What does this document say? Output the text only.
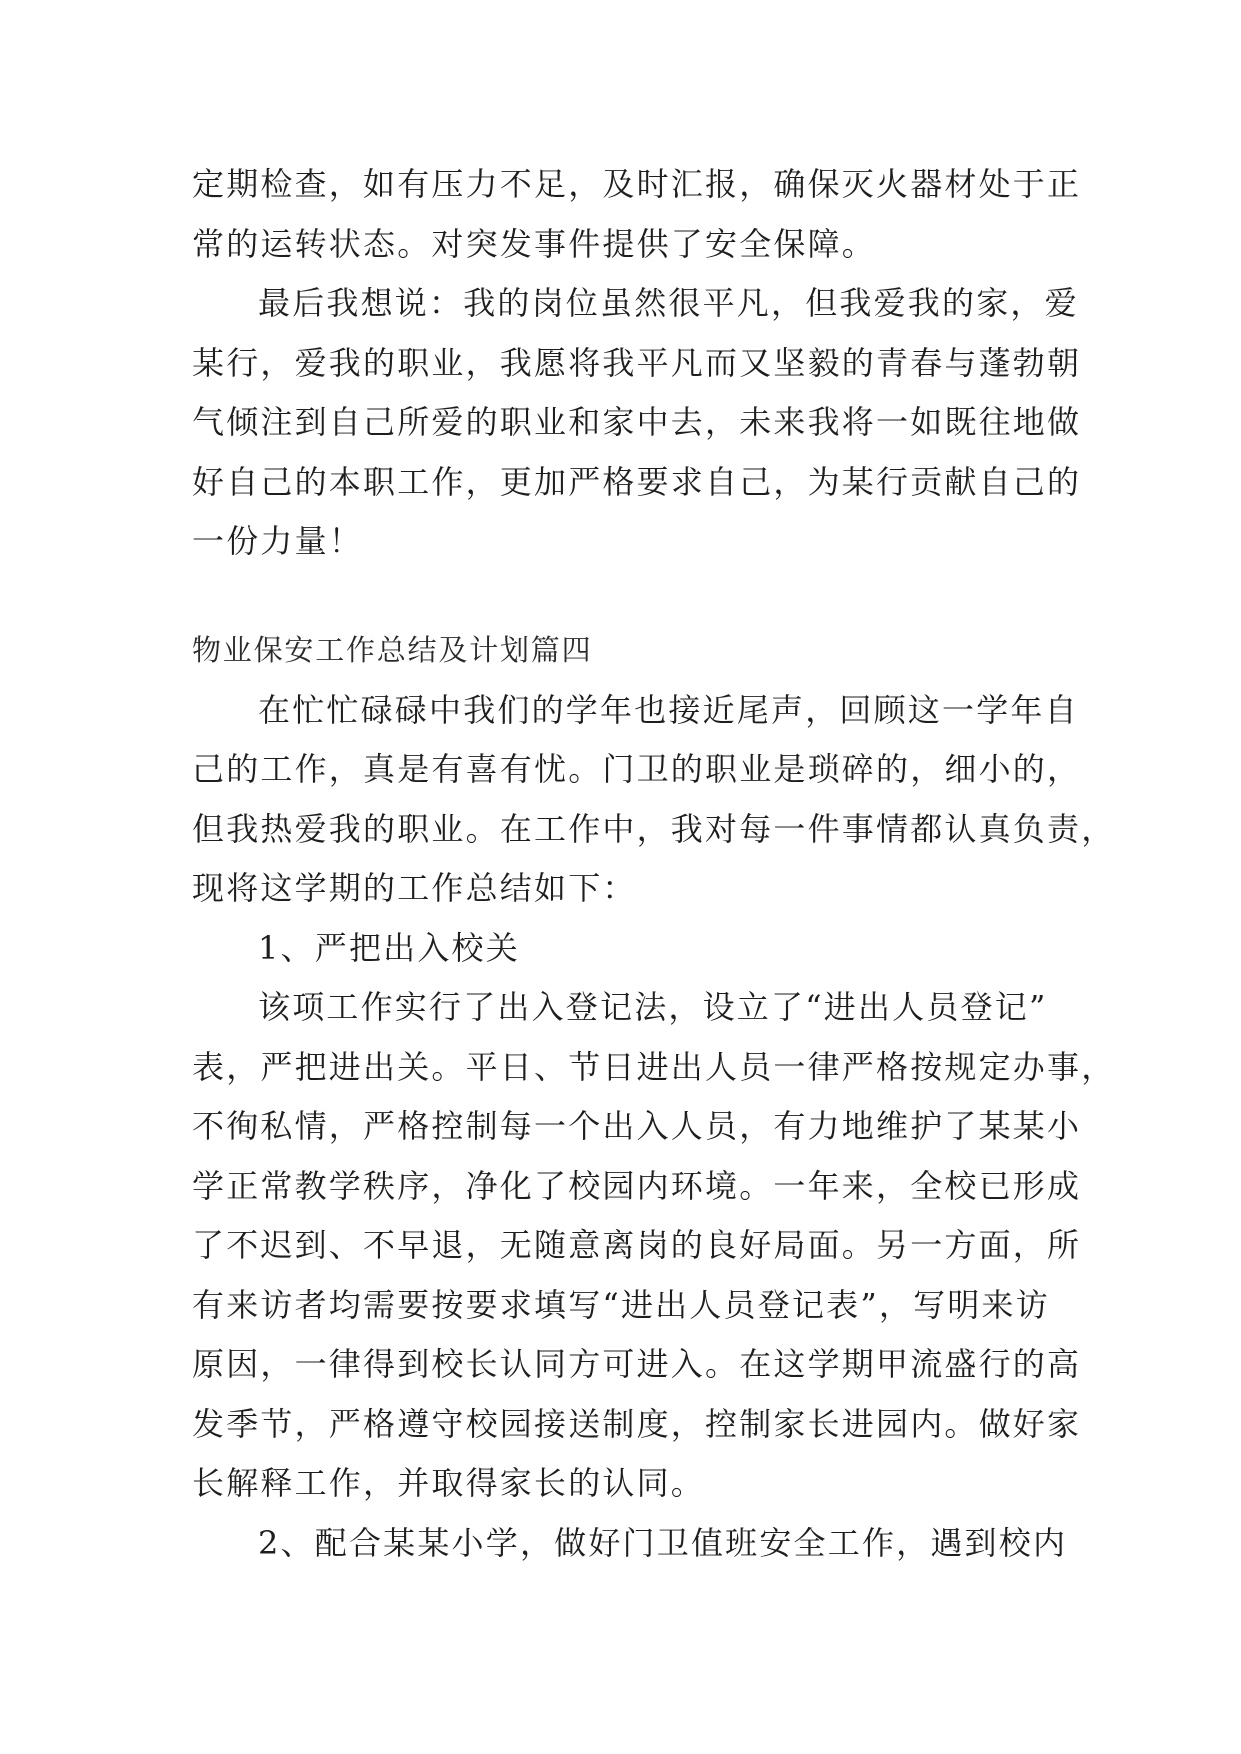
定期检查，如有压力不足，及时汇报，确保灭火器材处于正
常的运转状态。对突发事件提供了安全保障。
最后我想说：我的岗位虽然很平凡，但我爱我的家，爱
某行，爱我的职业，我愿将我平凡而又坚毅的青春与蓬勃朝
气倾注到自己所爱的职业和家中去，未来我将一如既往地做
好自己的本职工作，更加严格要求自己，为某行贡献自己的
一份力量！
物业保安工作总结及计划篇四
在忙忙碌碌中我们的学年也接近尾声，回顾这一学年自
己的工作，真是有喜有忧。门卫的职业是琐碎的，细小的，
但我热爱我的职业。在工作中，我对每一件事情都认真负责，
现将这学期的工作总结如下：
1、严把出入校关
该项工作实行了出入登记法，设立了“进出人员登记”
表，严把进出关。平日、节日进出人员一律严格按规定办事，
不徇私情，严格控制每一个出入人员，有力地维护了某某小
学正常教学秩序，净化了校园内环境。一年来，全校已形成
了不迟到、不早退，无随意离岗的良好局面。另一方面，所
有来访者均需要按要求填写“进出人员登记表”，写明来访
原因，一律得到校长认同方可进入。在这学期甲流盛行的高
发季节，严格遵守校园接送制度，控制家长进园内。做好家
长解释工作，并取得家长的认同。
2、配合某某小学，做好门卫值班安全工作，遇到校内
